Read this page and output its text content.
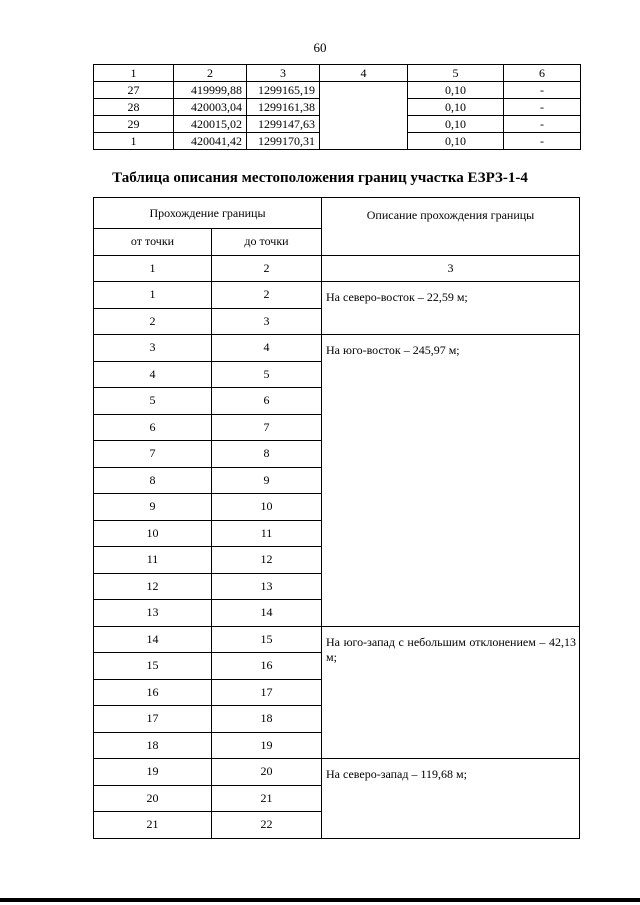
60
1	2	3	4	5	6
27	419999,88	1299165,19		0,10	-
28	420003,04	1299161,38		0,10	-
29	420015,02	1299147,63		0,10	-
1	420041,42	1299170,31		0,10	-
Таблица описания местоположения границ участка ЕЗРЗ-1-4
Прохождение границы		Описание прохождения границы
от точки	до точки	
1	2	3
1	2	На северо-восток – 22,59 м;
2	3	
3	4	На юго-восток – 245,97 м;
4	5	
5	6	
6	7	
7	8	
8	9	
9	10	
10	11	
11	12	
12	13	
13	14	
14	15	На юго-запад с небольшим отклонением – 42,13 м;
15	16	
16	17	
17	18	
18	19	
19	20	На северо-запад – 119,68 м;
20	21	
21	22	
